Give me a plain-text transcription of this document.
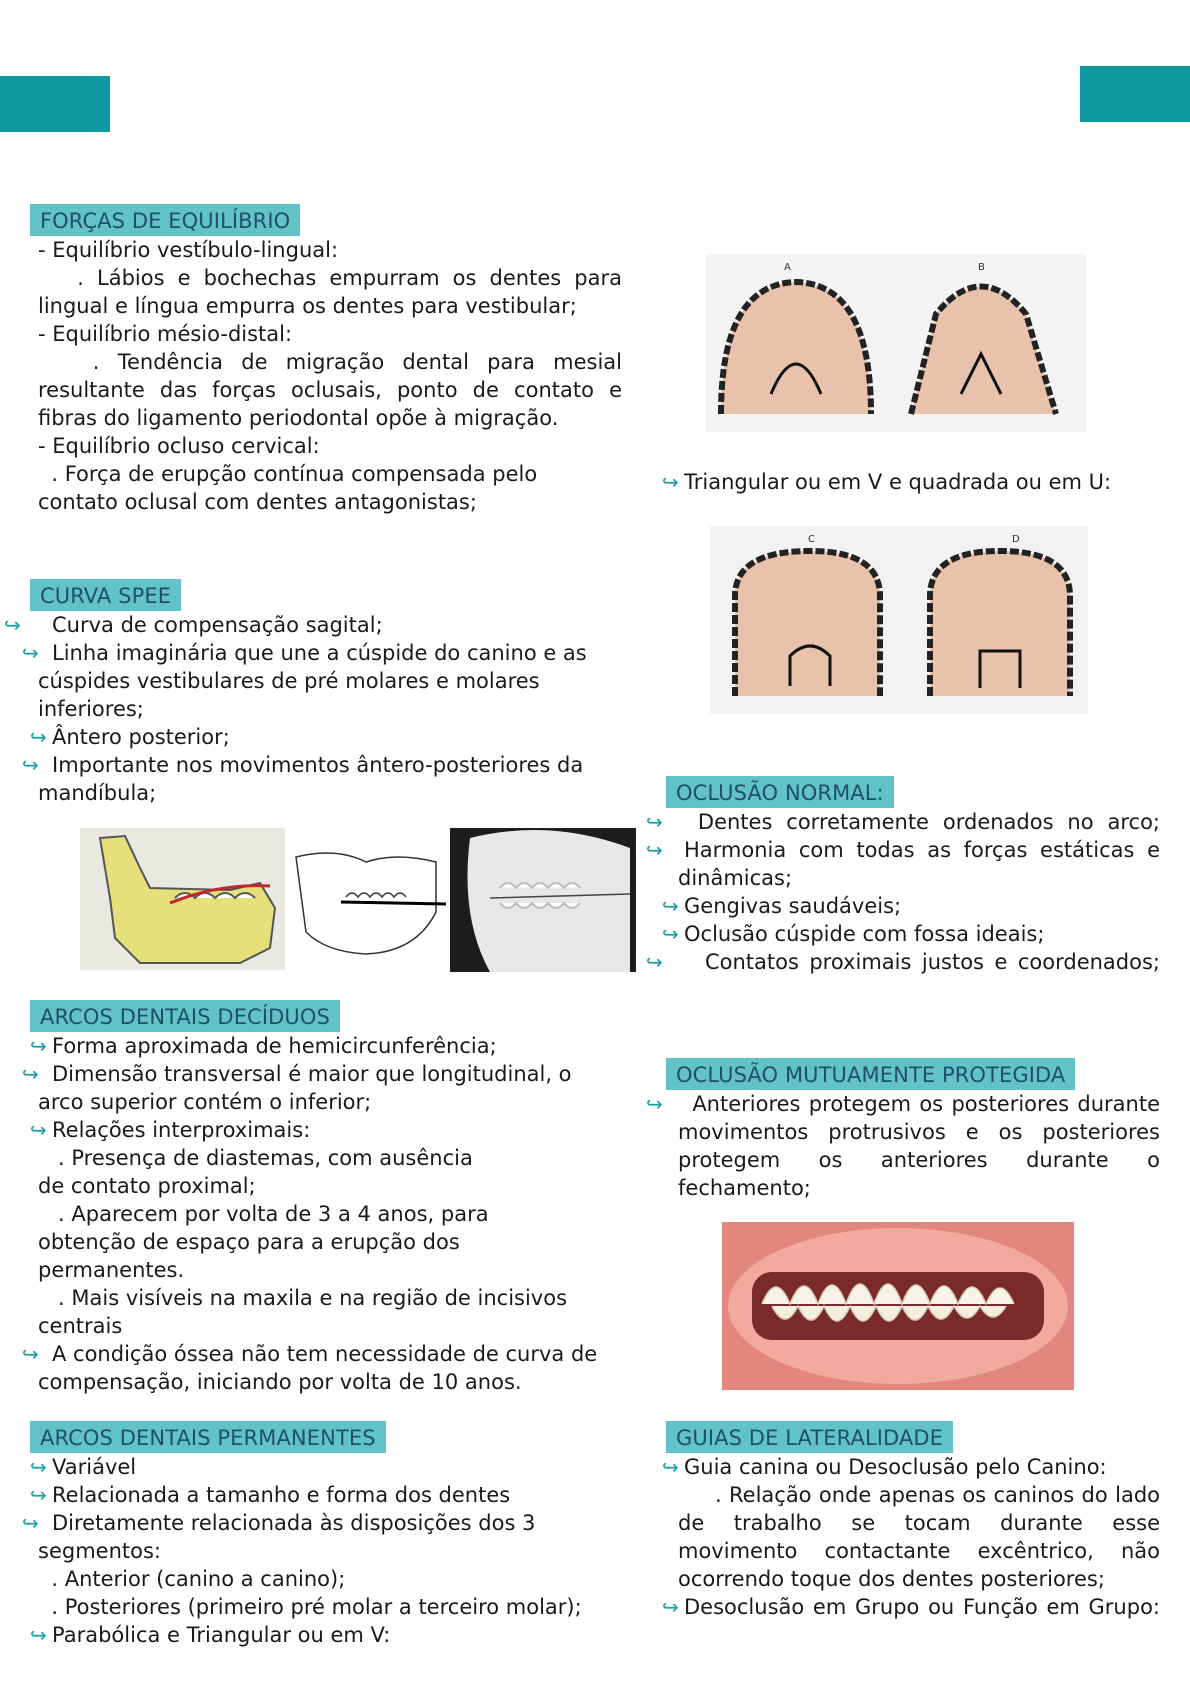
FORÇAS DE EQUILÍBRIO

- Equilíbrio vestíbulo-lingual:

. Lábios e bochechas empurram os dentes para lingual e língua empurra os dentes para vestibular;

- Equilíbrio mésio-distal:

. Tendência de migração dental para mesial resultante das forças oclusais, ponto de contato e fibras do ligamento periodontal opõe à migração.

- Equilíbrio ocluso cervical:

. Força de erupção contínua compensada pelo contato oclusal com dentes antagonistas;

CURVA SPEE
↪ Curva de compensação sagital;
↪ Linha imaginária que une a cúspide do canino e as cúspides vestibulares de pré molares e molares inferiores;
↪ Ântero posterior;
↪ Importante nos movimentos ântero-posteriores da mandíbula;
ARCOS DENTAIS DECÍDUOS
↪ Forma aproximada de hemicircunferência;
↪ Dimensão transversal é maior que longitudinal, o arco superior contém o inferior;
↪ Relações interproximais:

. Presença de diastemas, com ausência de contato proximal;

. Aparecem por volta de 3 a 4 anos, para obtenção de espaço para a erupção dos permanentes.

. Mais visíveis na maxila e na região de incisivos centrais

↪ A condição óssea não tem necessidade de curva de compensação, iniciando por volta de 10 anos.
ARCOS DENTAIS PERMANENTES
↪ Variável
↪ Relacionada a tamanho e forma dos dentes
↪ Diretamente relacionada às disposições dos 3 segmentos:

. Anterior (canino a canino);

. Posteriores (primeiro pré molar a terceiro molar);

↪ Parabólica e Triangular ou em V:
A	B
↪ Triangular ou em V e quadrada ou em U:
C	D
OCLUSÃO NORMAL:
↪ Dentes corretamente ordenados no arco;
↪ Harmonia com todas as forças estáticas e dinâmicas;
↪ Gengivas saudáveis;
↪ Oclusão cúspide com fossa ideais;
↪  Contatos proximais justos e coordenados;
OCLUSÃO MUTUAMENTE PROTEGIDA
↪ Anteriores protegem os posteriores durante movimentos protrusivos e os posteriores protegem os anteriores durante o fechamento;
GUIAS DE LATERALIDADE
↪ Guia canina ou Desoclusão pelo Canino:

. Relação onde apenas os caninos do lado de trabalho se tocam durante esse movimento contactante excêntrico, não ocorrendo toque dos dentes posteriores;

↪ Desoclusão em Grupo ou Função em Grupo:
